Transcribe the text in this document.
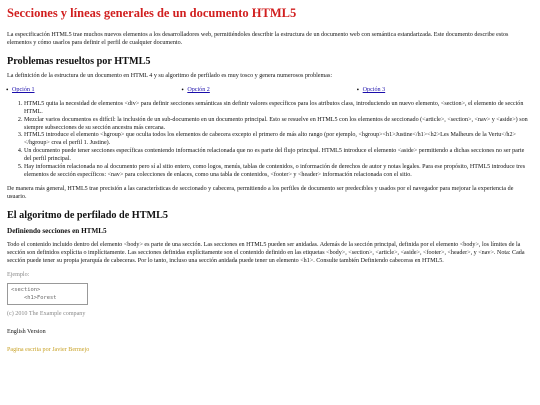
Secciones y líneas generales de un documento HTML5

La especificación HTML5 trae muchos nuevos elementos a los desarrolladores web, permitiéndoles describir la estructura de un documento web con semántica estandarizada. Este documento describe estos elementos y cómo usarlos para definir el perfil de cualquier documento.

Problemas resueltos por HTML5

La definición de la estructura de un documento en HTML 4 y su algoritmo de perfilado es muy tosco y genera numerosos problemas:

• Opción 1	• Opción 2	• Opción 3
1. HTML5 quita la necesidad de elementos <div> para definir secciones semánticas sin definir valores específicos para los atributos class, introduciendo un nuevo elemento, <section>, el elemento de sección HTML.
2. Mezclar varios documentos es difícil: la inclusión de un sub-documento en un documento principal. Esto se resuelve en HTML5 con los elementos de seccionado (<article>, <section>, <nav> y <aside>) son siempre subsecciones de su sección ancestra más cercana.
3. HTML5 introduce el elemento <hgroup> que oculta todos los elementos de cabecera excepto el primero de más alto rango (por ejemplo, <hgroup><h1>Justine</h1><h2>Les Malheurs de la Vertu</h2></hgroup> crea el perfil 1. Justine).
4. Un documento puede tener secciones específicas conteniendo información relacionada que no es parte del flujo principal. HTML5 introduce el elemento <aside> permitiendo a dichas secciones no ser parte del perfil principal.
5. Hay información relacionada no al documento pero sí al sitio entero, como logos, menús, tablas de contenidos, o información de derechos de autor y notas legales. Para ese propósito, HTML5 introduce tres elementos de sección específicos: <nav> para colecciones de enlaces, como una tabla de contenidos, <footer> y <header> información relacionada con el sitio.

De manera más general, HTML5 trae precisión a las características de seccionado y cabecera, permitiendo a los perfiles de documento ser predecibles y usados por el navegador para mejorar la experiencia de usuario.

El algoritmo de perfilado de HTML5
Definiendo secciones en HTML5

Todo el contenido incluido dentro del elemento <body> es parte de una sección. Las secciones en HTML5 pueden ser anidadas. Además de la sección principal, definida por el elemento <body>, los límites de la sección son definidos explícita o implícitamente. Las secciones definidas explícitamente son el contenido definido en las etiquetas <body>, <section>, <article>, <aside>, <footer>, <header>, y <nav>. Nota: Cada sección puede tener su propia jerarquía de cabeceras. Por lo tanto, incluso una sección anidada puede tener un elemento <h1>. Consulte también Definiendo cabeceras en HTML5.

Ejemplo:
<section>
<h1>Forest
(c) 2010 The Example company
English Version
Pagina escrita por Javier Bermejo
